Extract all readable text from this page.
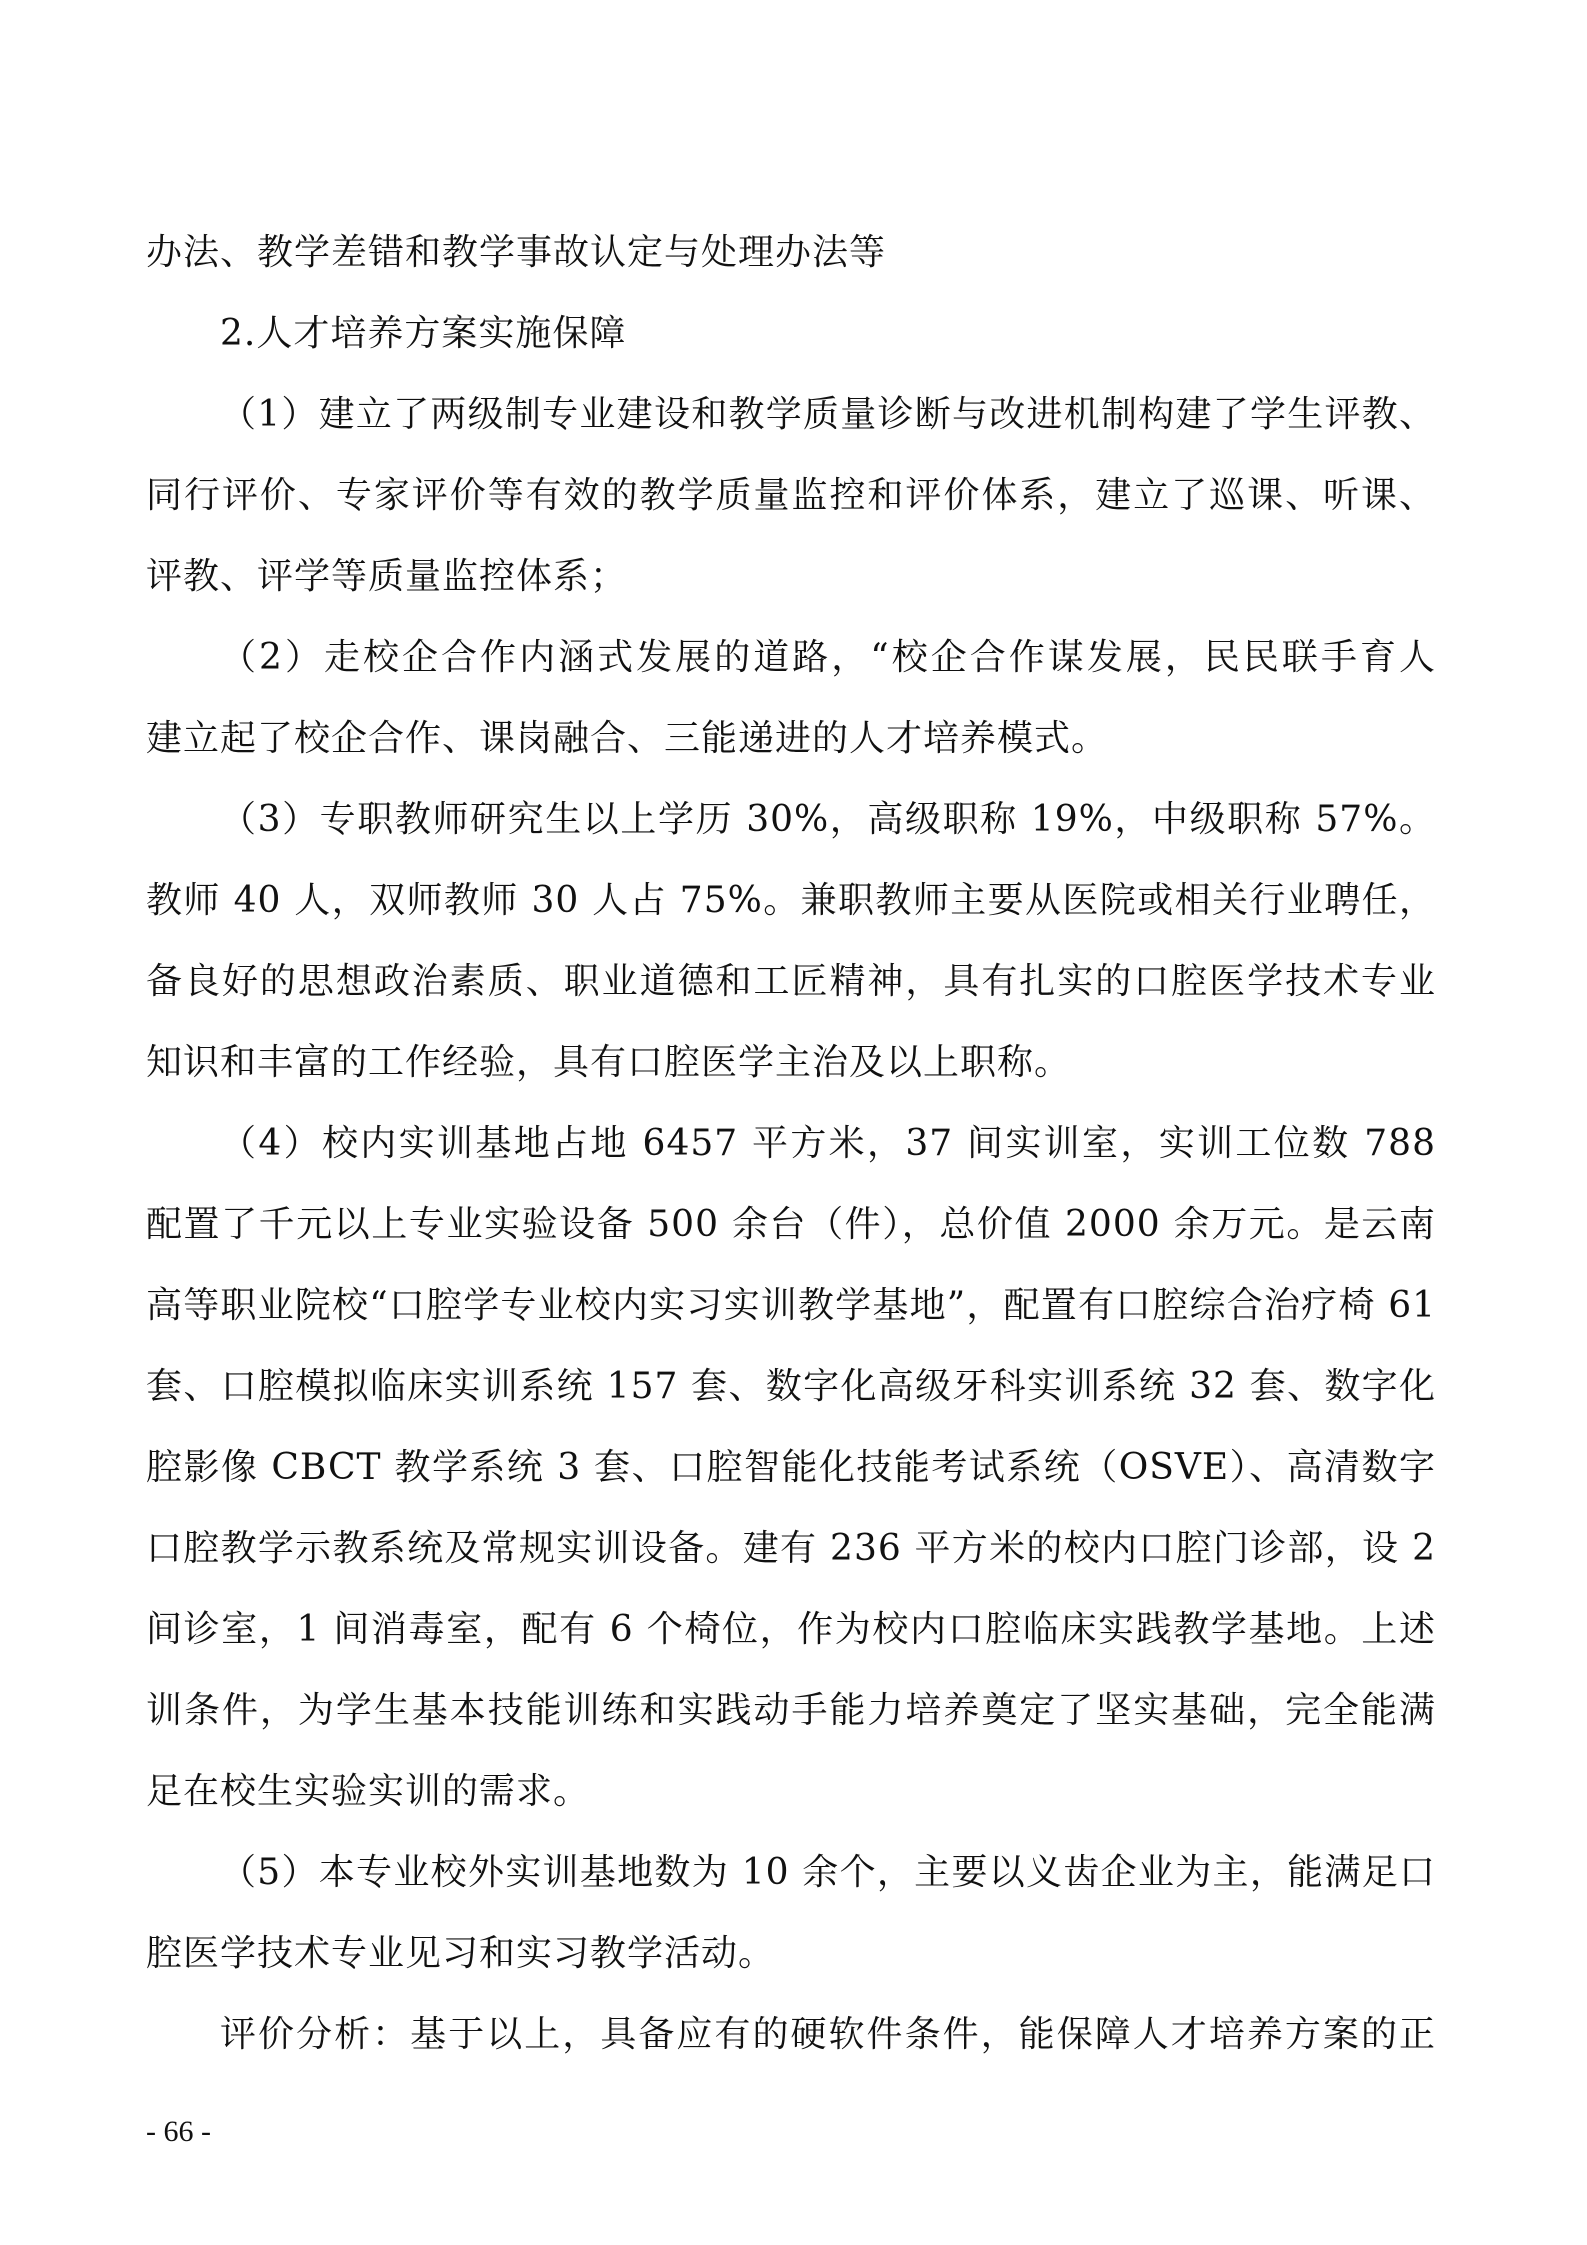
办法、教学差错和教学事故认定与处理办法等
2.人才培养方案实施保障
（1）建立了两级制专业建设和教学质量诊断与改进机制构建了学生评教、
同行评价、专家评价等有效的教学质量监控和评价体系，建立了巡课、听课、
评教、评学等质量监控体系；
（2）走校企合作内涵式发展的道路，“校企合作谋发展，民民联手育人
建立起了校企合作、课岗融合、三能递进的人才培养模式。
（3）专职教师研究生以上学历 30%，高级职称 19%，中级职称 57%。
教师 40 人，双师教师 30 人占 75%。兼职教师主要从医院或相关行业聘任，
备良好的思想政治素质、职业道德和工匠精神，具有扎实的口腔医学技术专业
知识和丰富的工作经验，具有口腔医学主治及以上职称。
（4）校内实训基地占地 6457 平方米，37 间实训室，实训工位数 788
配置了千元以上专业实验设备 500 余台（件），总价值 2000 余万元。是云南
高等职业院校“口腔学专业校内实习实训教学基地”，配置有口腔综合治疗椅 61
套、口腔模拟临床实训系统 157 套、数字化高级牙科实训系统 32 套、数字化
腔影像 CBCT 教学系统 3 套、口腔智能化技能考试系统（OSVE）、高清数字
口腔教学示教系统及常规实训设备。建有 236 平方米的校内口腔门诊部，设 2
间诊室，1 间消毒室，配有 6 个椅位，作为校内口腔临床实践教学基地。上述
训条件，为学生基本技能训练和实践动手能力培养奠定了坚实基础，完全能满
足在校生实验实训的需求。
（5）本专业校外实训基地数为 10 余个，主要以义齿企业为主，能满足口
腔医学技术专业见习和实习教学活动。
评价分析：基于以上，具备应有的硬软件条件，能保障人才培养方案的正
- 66 -
